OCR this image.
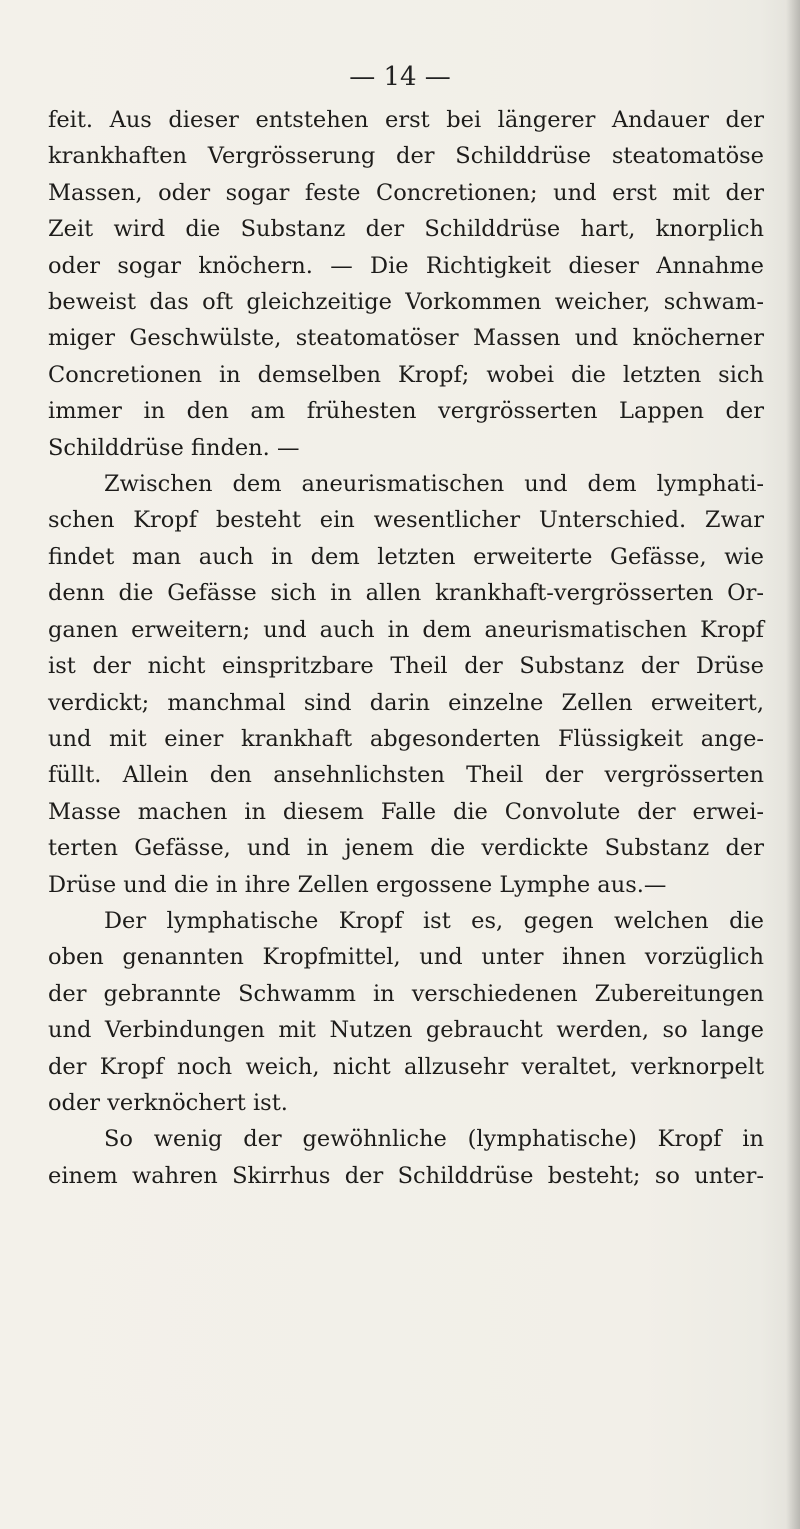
— 14 —
feit. Aus dieser entstehen erst bei längerer Andauer der
krankhaften Vergrösserung der Schilddrüse steatomatöse
Massen, oder sogar feste Concretionen; und erst mit der
Zeit wird die Substanz der Schilddrüse hart, knorplich
oder sogar knöchern. — Die Richtigkeit dieser Annahme
beweist das oft gleichzeitige Vorkommen weicher, schwam-
miger Geschwülste, steatomatöser Massen und knöcherner
Concretionen in demselben Kropf; wobei die letzten sich
immer in den am frühesten vergrösserten Lappen der
Schilddrüse finden. —
Zwischen dem aneurismatischen und dem lymphati-
schen Kropf besteht ein wesentlicher Unterschied. Zwar
findet man auch in dem letzten erweiterte Gefässe, wie
denn die Gefässe sich in allen krankhaft-vergrösserten Or-
ganen erweitern; und auch in dem aneurismatischen Kropf
ist der nicht einspritzbare Theil der Substanz der Drüse
verdickt; manchmal sind darin einzelne Zellen erweitert,
und mit einer krankhaft abgesonderten Flüssigkeit ange-
füllt. Allein den ansehnlichsten Theil der vergrösserten
Masse machen in diesem Falle die Convolute der erwei-
terten Gefässe, und in jenem die verdickte Substanz der
Drüse und die in ihre Zellen ergossene Lymphe aus.—
Der lymphatische Kropf ist es, gegen welchen die
oben genannten Kropfmittel, und unter ihnen vorzüglich
der gebrannte Schwamm in verschiedenen Zubereitungen
und Verbindungen mit Nutzen gebraucht werden, so lange
der Kropf noch weich, nicht allzusehr veraltet, verknorpelt
oder verknöchert ist.
So wenig der gewöhnliche (lymphatische) Kropf in
einem wahren Skirrhus der Schilddrüse besteht; so unter-
